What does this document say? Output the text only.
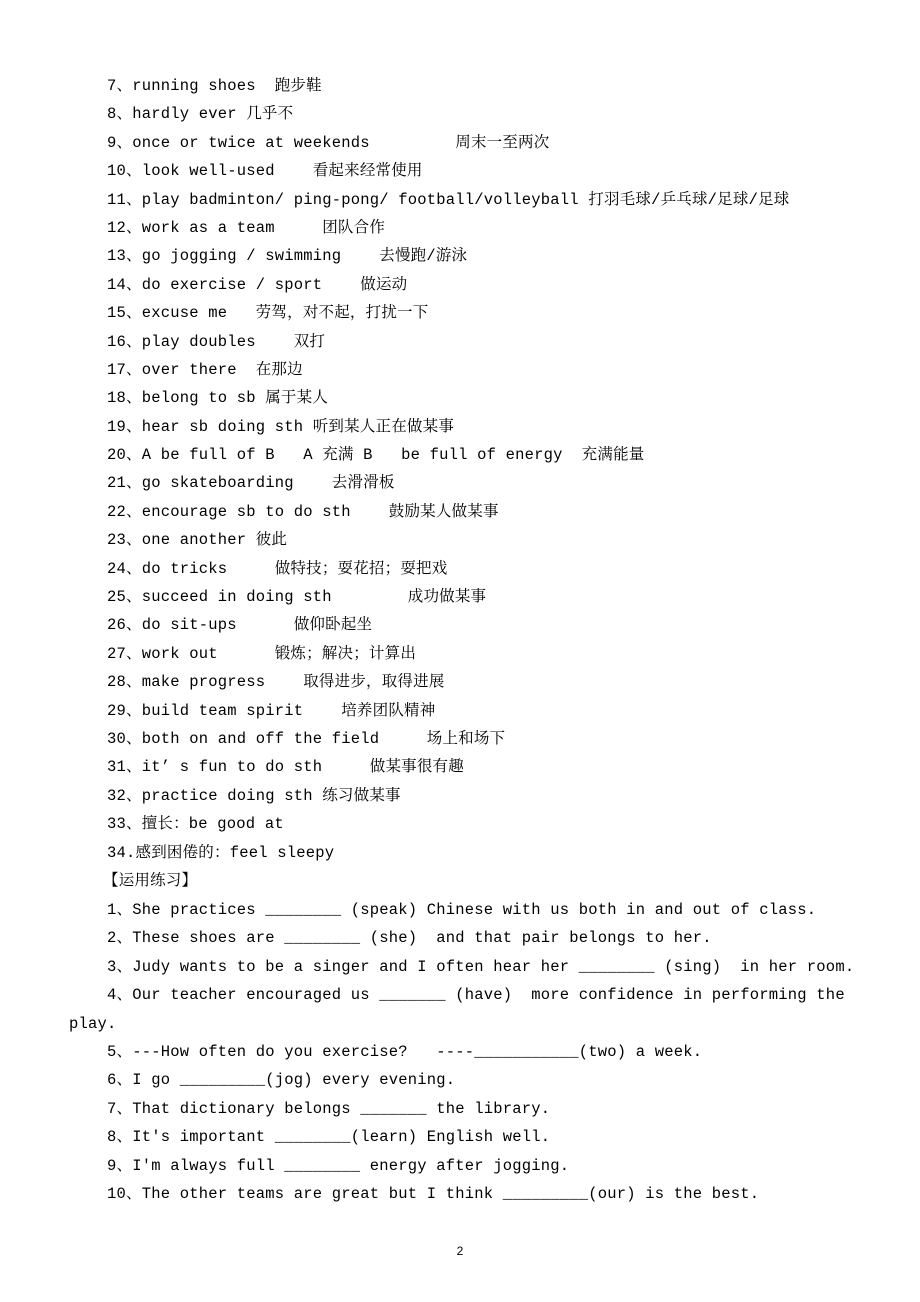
7、running shoes  跑步鞋
8、hardly ever 几乎不
9、once or twice at weekends         周末一至两次
10、look well-used    看起来经常使用
11、play badminton/ ping-pong/ football/volleyball 打羽毛球/乒乓球/足球/足球
12、work as a team     团队合作
13、go jogging / swimming    去慢跑/游泳
14、do exercise / sport    做运动
15、excuse me   劳驾，对不起，打扰一下
16、play doubles    双打
17、over there  在那边
18、belong to sb 属于某人
19、hear sb doing sth 听到某人正在做某事
20、A be full of B   A 充满 B   be full of energy  充满能量
21、go skateboarding    去滑滑板
22、encourage sb to do sth    鼓励某人做某事
23、one another 彼此
24、do tricks     做特技；耍花招；耍把戏
25、succeed in doing sth        成功做某事
26、do sit-ups      做仰卧起坐
27、work out      锻炼；解决；计算出
28、make progress    取得进步，取得进展
29、build team spirit    培养团队精神
30、both on and off the field     场上和场下
31、it’ s fun to do sth     做某事很有趣
32、practice doing sth 练习做某事
33、擅长：be good at
34.感到困倦的：feel sleepy
【运用练习】
1、She practices ________ (speak) Chinese with us both in and out of class.
2、These shoes are ________ (she)  and that pair belongs to her.
3、Judy wants to be a singer and I often hear her ________ (sing)  in her room.
4、Our teacher encouraged us _______ (have)  more confidence in performing the
play.
5、---How often do you exercise?   ----___________(two) a week.
6、I go _________(jog) every evening.
7、That dictionary belongs _______ the library.
8、It's important ________(learn) English well.
9、I'm always full ________ energy after jogging.
10、The other teams are great but I think _________(our) is the best.
2
